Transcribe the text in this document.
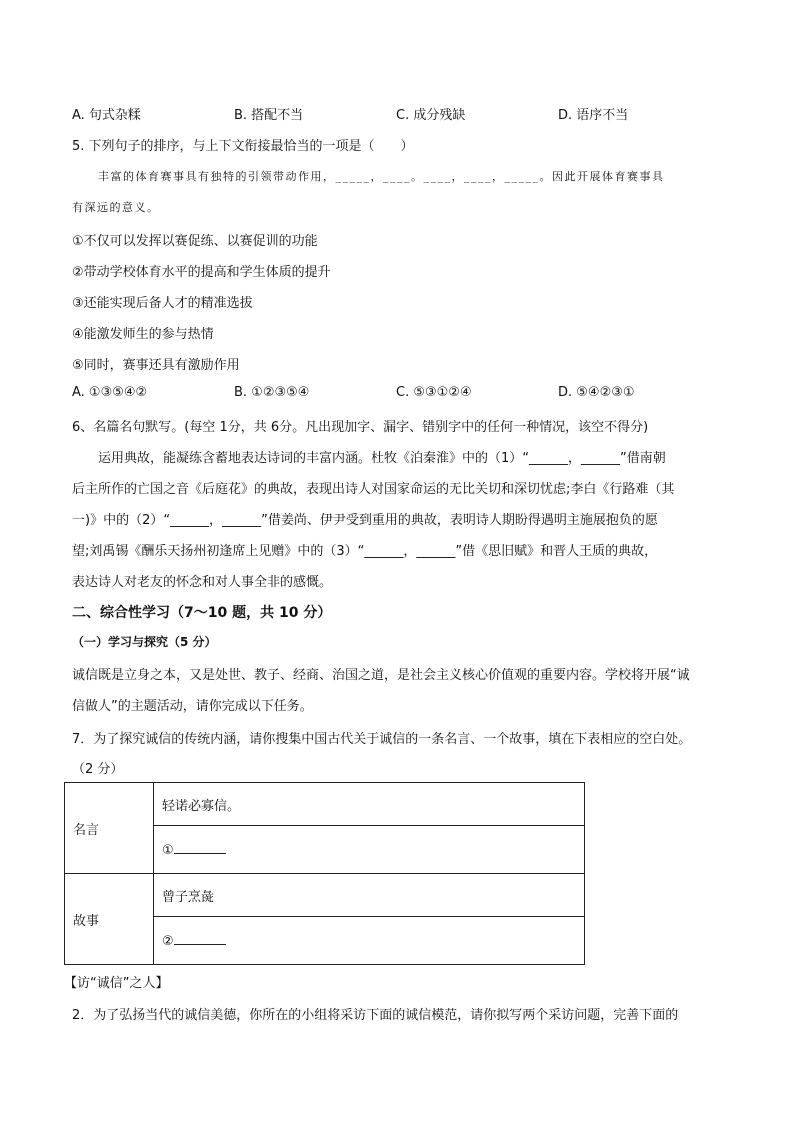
A. 句式杂糅	B. 搭配不当	C. 成分残缺	D. 语序不当
5. 下列句子的排序，与上下文衔接最恰当的一项是（　　）
丰富的体育赛事具有独特的引领带动作用，_____，____。____，____，_____。因此开展体育赛事具
有深远的意义。
①不仅可以发挥以赛促练、以赛促训的功能
②带动学校体育水平的提高和学生体质的提升
③还能实现后备人才的精准选拔
④能激发师生的参与热情
⑤同时，赛事还具有激励作用
A. ①③⑤④②	B. ①②③⑤④	C. ⑤③①②④	D. ⑤④②③①
6、名篇名句默写。(每空 1分，共 6分。凡出现加字、漏字、错别字中的任何一种情况，该空不得分)
运用典故，能凝练含蓄地表达诗词的丰富内涵。杜牧《泊秦淮》中的（1）“______，______”借南朝
后主所作的亡国之音《后庭花》的典故，表现出诗人对国家命运的无比关切和深切忧虑;李白《行路难（其
一)》中的（2）“______，______”借姜尚、伊尹受到重用的典故，表明诗人期盼得遇明主施展抱负的愿
望;刘禹锡《酬乐天扬州初逢席上见赠》中的（3）“______，______”借《思旧赋》和晋人王质的典故，
表达诗人对老友的怀念和对人事全非的感慨。
二、综合性学习（7～10 题，共 10 分）
（一）学习与探究（5 分）
诚信既是立身之本，又是处世、教子、经商、治国之道，是社会主义核心价值观的重要内容。学校将开展“诚
信做人”的主题活动，请你完成以下任务。
7．为了探究诚信的传统内涵，请你搜集中国古代关于诚信的一条名言、一个故事，填在下表相应的空白处。
（2 分）
名言	轻诺必寡信。
	①
故事	曾子烹彘
	②
【访“诚信”之人】
2．为了弘扬当代的诚信美德，你所在的小组将采访下面的诚信模范，请你拟写两个采访问题，完善下面的
